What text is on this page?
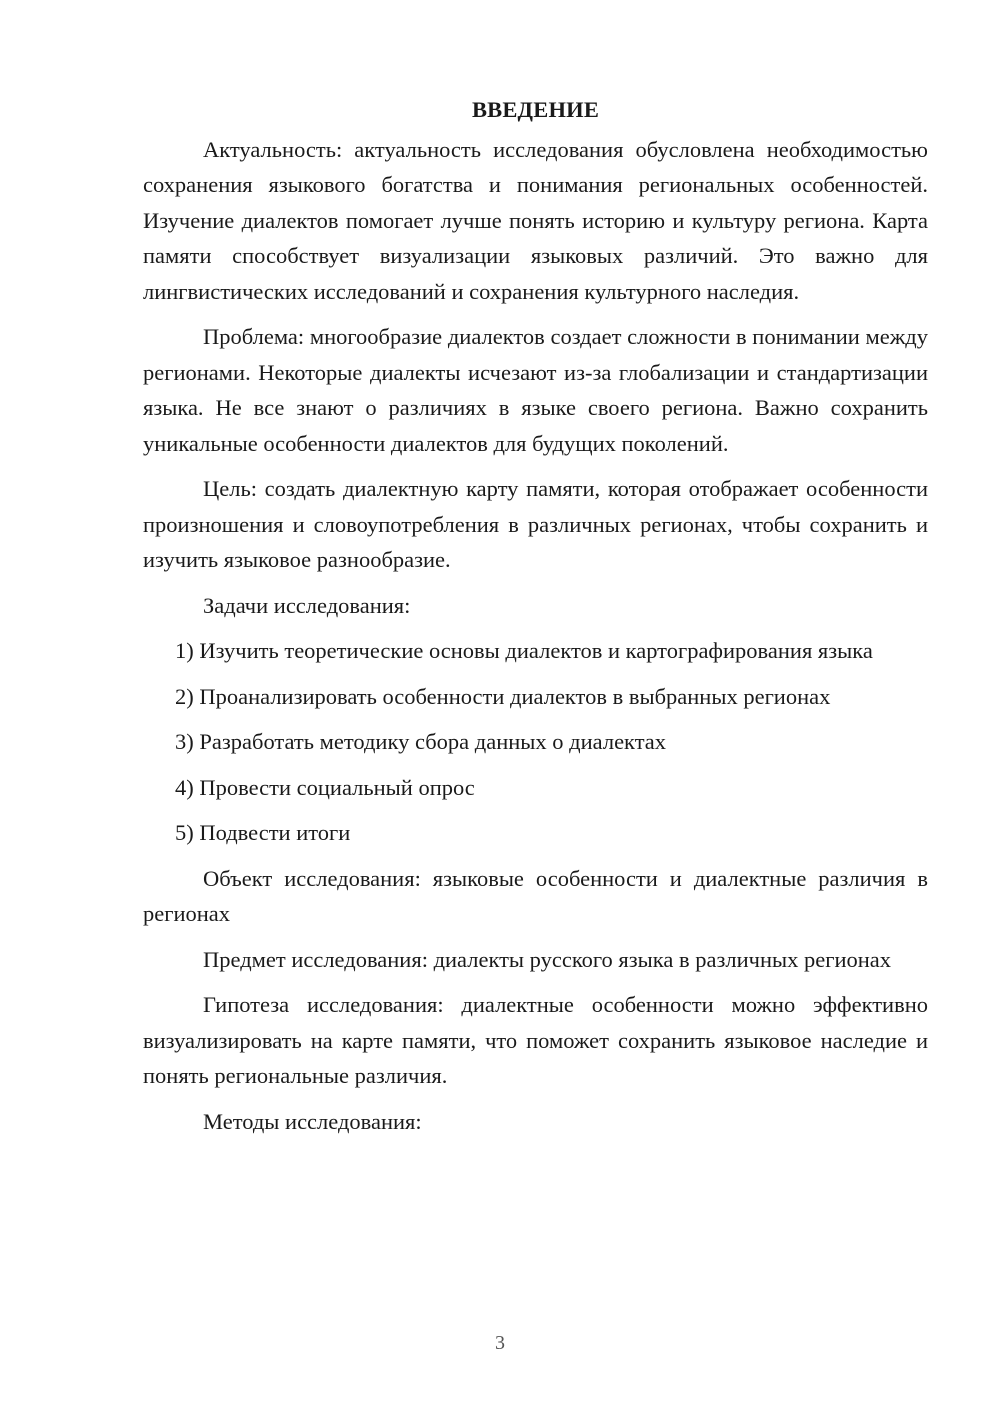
ВВЕДЕНИЕ

Актуальность: актуальность исследования обусловлена необходимостью сохранения языкового богатства и понимания региональных особенностей. Изучение диалектов помогает лучше понять историю и культуру региона. Карта памяти способствует визуализации языковых различий. Это важно для лингвистических исследований и сохранения культурного наследия.

Проблема: многообразие диалектов создает сложности в понимании между регионами. Некоторые диалекты исчезают из-за глобализации и стандартизации языка. Не все знают о различиях в языке своего региона. Важно сохранить уникальные особенности диалектов для будущих поколений.

Цель: создать диалектную карту памяти, которая отображает особенности произношения и словоупотребления в различных регионах, чтобы сохранить и изучить языковое разнообразие.

Задачи исследования:

1) Изучить теоретические основы диалектов и картографирования языка

2) Проанализировать особенности диалектов в выбранных регионах

3) Разработать методику сбора данных о диалектах

4) Провести социальный опрос

5) Подвести итоги

Объект исследования: языковые особенности и диалектные различия в регионах

Предмет исследования: диалекты русского языка в различных регионах

Гипотеза исследования: диалектные особенности можно эффективно визуализировать на карте памяти, что поможет сохранить языковое наследие и понять региональные различия.

Методы исследования:

3
